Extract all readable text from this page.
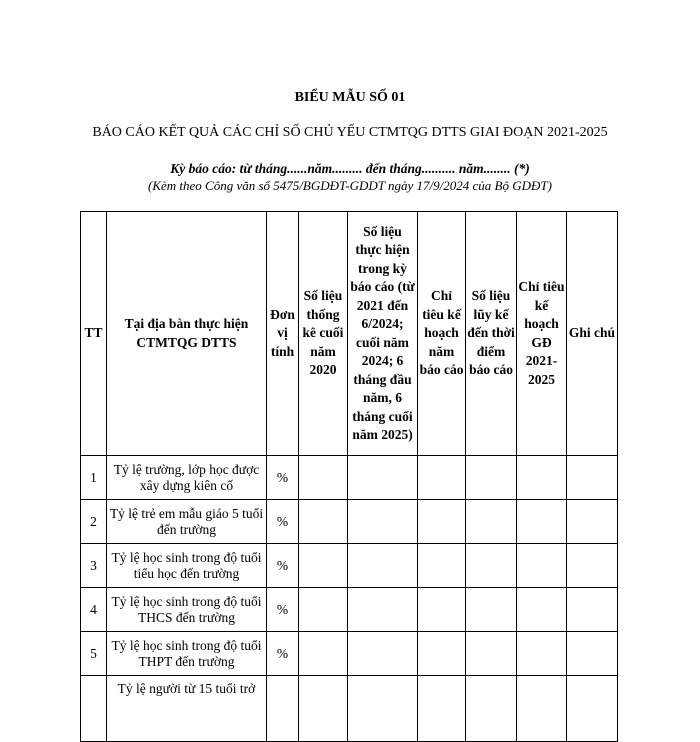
BIỂU MẪU SỐ 01
BÁO CÁO KẾT QUẢ CÁC CHỈ SỐ CHỦ YẾU CTMTQG DTTS GIAI ĐOẠN 2021-2025
Kỳ báo cáo: từ tháng......năm......... đến tháng.......... năm........ (*)
(Kèm theo Công văn số 5475/BGDĐT-GDDT ngày 17/9/2024 của Bộ GDĐT)
TT	Tại địa bàn thực hiện CTMTQG DTTS	Đơn vị tính	Số liệu thống kê cuối năm 2020	Số liệu thực hiện trong kỳ báo cáo (từ 2021 đến 6/2024; cuối năm 2024; 6 tháng đầu năm, 6 tháng cuối năm 2025)	Chỉ tiêu kế hoạch năm báo cáo	Số liệu lũy kế đến thời điểm báo cáo	Chỉ tiêu kế hoạch GĐ 2021-2025	Ghi chú
1	Tỷ lệ trường, lớp học được xây dựng kiên cố	%						
2	Tỷ lệ trẻ em mẫu giáo 5 tuổi đến trường	%						
3	Tỷ lệ học sinh trong độ tuổi tiểu học đến trường	%						
4	Tỷ lệ học sinh trong độ tuổi THCS đến trường	%						
5	Tỷ lệ học sinh trong độ tuổi THPT đến trường	%						
	Tỷ lệ người từ 15 tuổi trở							
